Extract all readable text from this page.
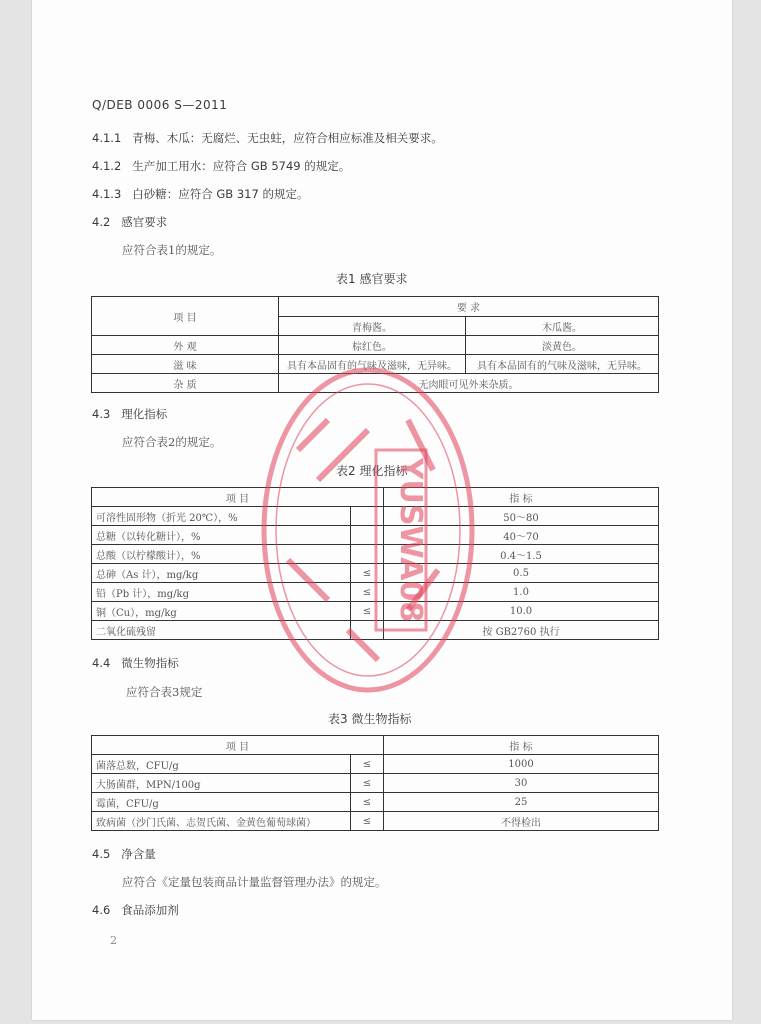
Q/DEB 0006 S—2011
4.1.1 青梅、木瓜：无腐烂、无虫蛀，应符合相应标准及相关要求。
4.1.2 生产加工用水：应符合 GB 5749 的规定。
4.1.3 白砂糖：应符合 GB 317 的规定。
4.2 感官要求
应符合表1的规定。
表1 感官要求
项 目	要 求	
	青梅酱。	木瓜酱。
外 观	棕红色。	淡黄色。
滋 味	具有本品固有的气味及滋味，无异味。	具有本品固有的气味及滋味，无异味。
杂 质	无肉眼可见外来杂质。	
4.3 理化指标
应符合表2的规定。
表2 理化指标
项 目		指 标
可溶性固形物（折光 20℃），%		50～80
总糖（以转化糖计），%		40～70
总酸（以柠檬酸计），%		0.4～1.5
总砷（As 计），mg/kg	≤	0.5
铅（Pb 计），mg/kg	≤	1.0
铜（Cu），mg/kg	≤	10.0
二氧化硫残留		按 GB2760 执行
4.4 微生物指标
应符合表3规定
表3 微生物指标
项 目		指 标
菌落总数，CFU/g	≤	1000
大肠菌群，MPN/100g	≤	30
霉菌，CFU/g	≤	25
致病菌（沙门氏菌、志贺氏菌、金黄色葡萄球菌）	≤	不得检出
4.5 净含量
应符合《定量包装商品计量监督管理办法》的规定。
4.6 食品添加剂
2
YUSWA08
